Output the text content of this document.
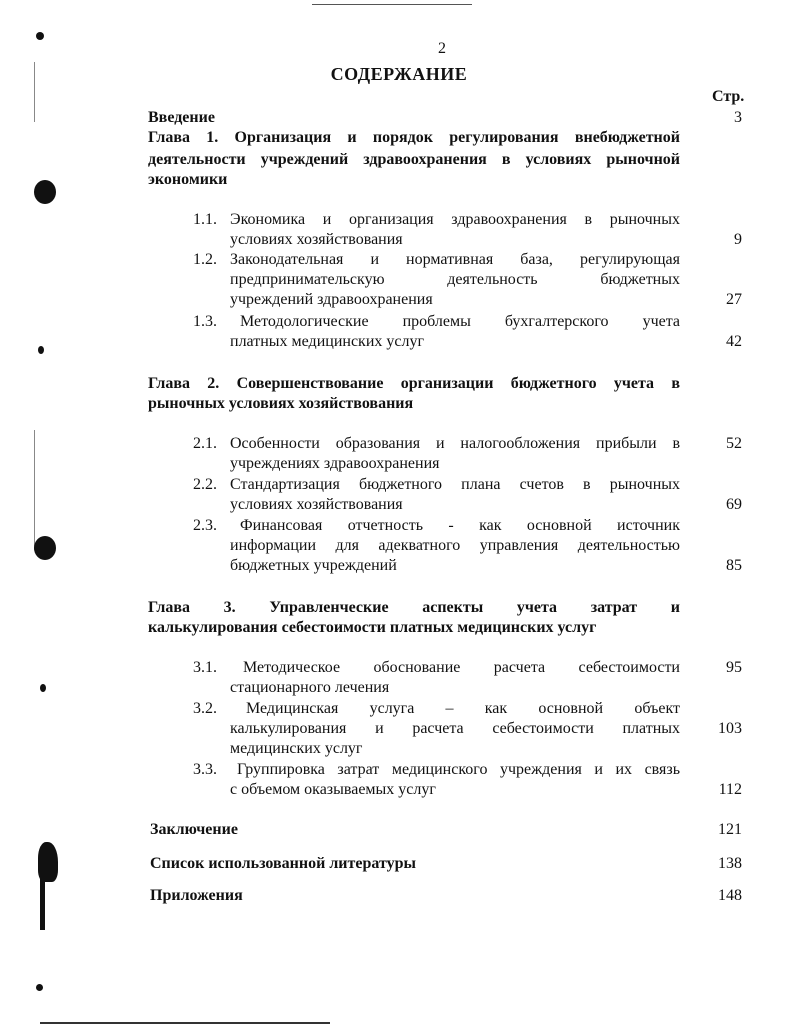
2
СОДЕРЖАНИЕ
Стр.
Введение	3
Глава 1. Организация и порядок регулирования внебюджетной
деятельности учреждений здравоохранения в условиях рыночной
экономики
1.1. Экономика и организация здравоохранения в рыночных
условиях хозяйствования	9
1.2. Законодательная и нормативная база, регулирующая
предпринимательскую деятельность бюджетных
учреждений здравоохранения	27
1.3. Методологические проблемы бухгалтерского учета
платных медицинских услуг	42
Глава 2. Совершенствование организации бюджетного учета в
рыночных условиях хозяйствования
2.1. Особенности образования и налогообложения прибыли в	52
учреждениях здравоохранения
2.2. Стандартизация бюджетного плана счетов в рыночных
условиях хозяйствования	69
2.3. Финансовая отчетность - как основной источник
информации для адекватного управления деятельностью
бюджетных учреждений	85
Глава 3. Управленческие аспекты учета затрат и
калькулирования себестоимости платных медицинских услуг
3.1. Методическое обоснование расчета себестоимости	95
стационарного лечения
3.2. Медицинская услуга – как основной объект
калькулирования и расчета себестоимости платных	103
медицинских услуг
3.3. Группировка затрат медицинского учреждения и их связь
с объемом оказываемых услуг	112
Заключение	121
Список использованной литературы	138
Приложения	148
